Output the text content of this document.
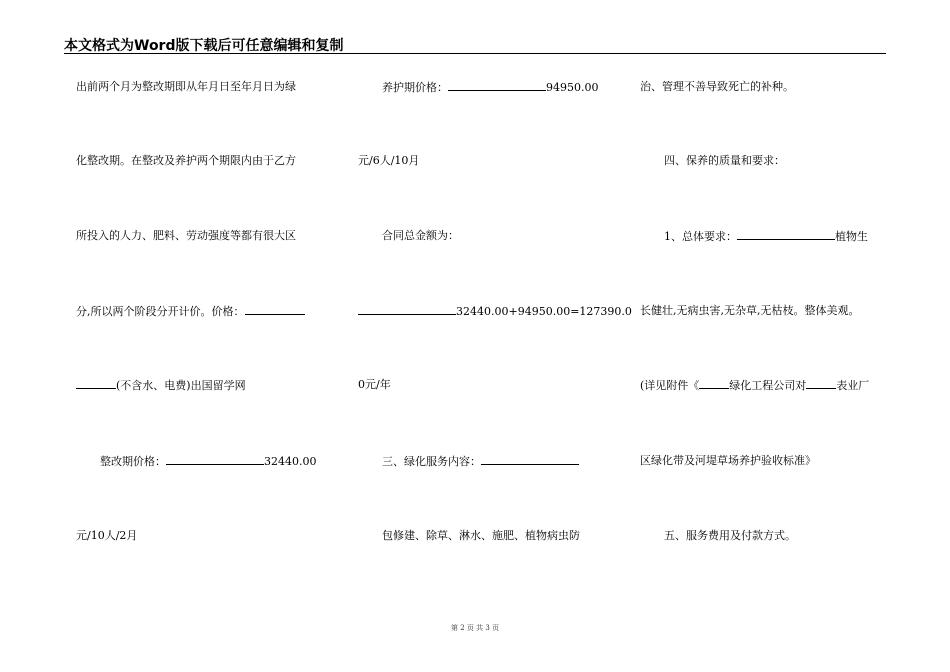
本文格式为Word版下载后可任意编辑和复制
出前两个月为整改期即从年月日至年月日为绿
化整改期。在整改及养护两个期限内由于乙方
所投入的人力、肥料、劳动强度等都有很大区
分,所以两个阶段分开计价。价格：
(不含水、电费)出国留学网
整改期价格：	32440.00
元/10人/2月
养护期价格：	94950.00
元/6人/10月
合同总金额为：
32440.00+94950.00=127390.0
0元/年
三、绿化服务内容：
包修建、除草、淋水、施肥、植物病虫防
治、管理不善导致死亡的补种。
四、保养的质量和要求：
1、总体要求：	植物生
长健壮,无病虫害,无杂草,无枯枝。整体美观。
(详见附件《	绿化工程公司对	表业厂
区绿化带及河堤草场养护验收标准》
五、服务费用及付款方式。
第 2 页 共 3 页
